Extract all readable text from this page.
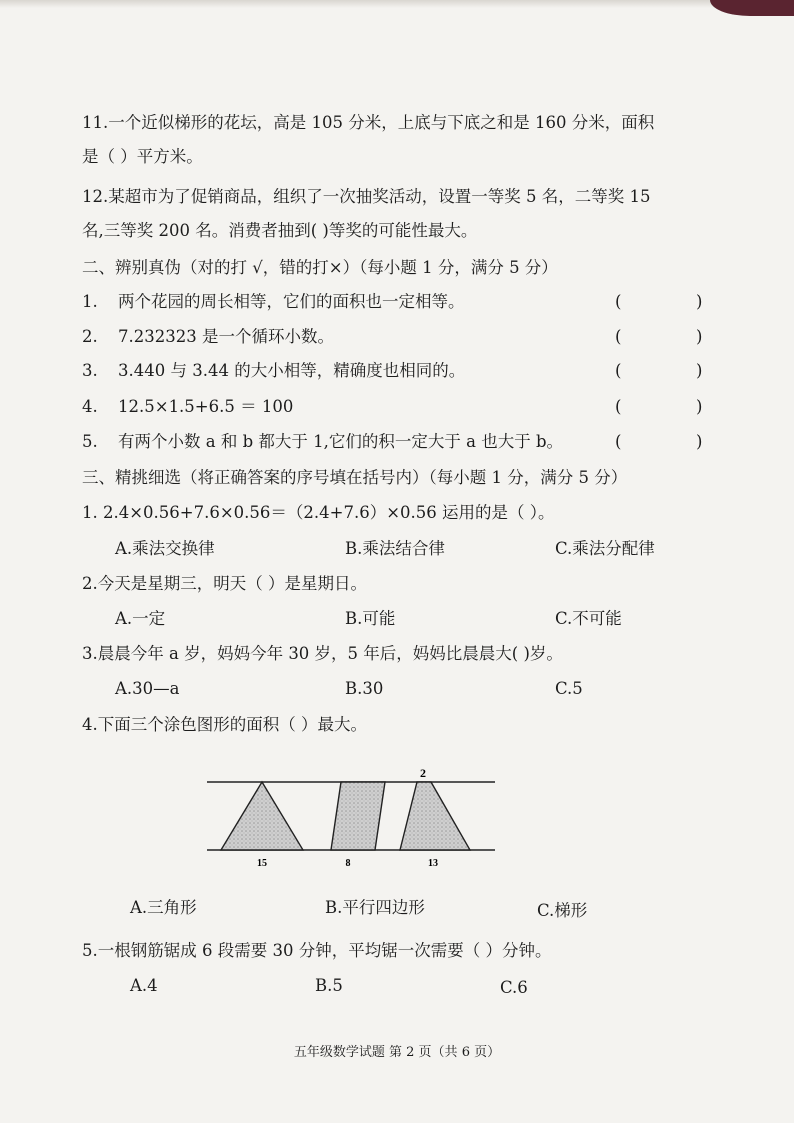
11.一个近似梯形的花坛，高是 105 分米，上底与下底之和是 160 分米，面积
是（ ）平方米。
12.某超市为了促销商品，组织了一次抽奖活动，设置一等奖 5 名，二等奖 15
名,三等奖 200 名。消费者抽到( )等奖的可能性最大。
二、辨别真伪（对的打 √，错的打×）（每小题 1 分，满分 5 分）
1. 两个花园的周长相等，它们的面积也一定相等。	(	)
2. 7.232323 是一个循环小数。	(	)
3. 3.440 与 3.44 的大小相等，精确度也相同的。	(	)
4. 12.5×1.5+6.5 ＝ 100	(	)
5. 有两个小数 a 和 b 都大于 1,它们的积一定大于 a 也大于 b。	(	)
三、精挑细选（将正确答案的序号填在括号内）（每小题 1 分，满分 5 分）
1. 2.4×0.56+7.6×0.56＝（2.4+7.6）×0.56 运用的是（ ）。
A.乘法交换律	B.乘法结合律	C.乘法分配律
2.今天是星期三，明天（ ）是星期日。
A.一定	B.可能	C.不可能
3.晨晨今年 a 岁，妈妈今年 30 岁，5 年后，妈妈比晨晨大( )岁。
A.30—a	B.30	C.5
4.下面三个涂色图形的面积（ ）最大。
2
15	8	13
A.三角形	B.平行四边形	C.梯形
5.一根钢筋锯成 6 段需要 30 分钟，平均锯一次需要（ ）分钟。
A.4	B.5	C.6
五年级数学试题 第 2 页（共 6 页）
